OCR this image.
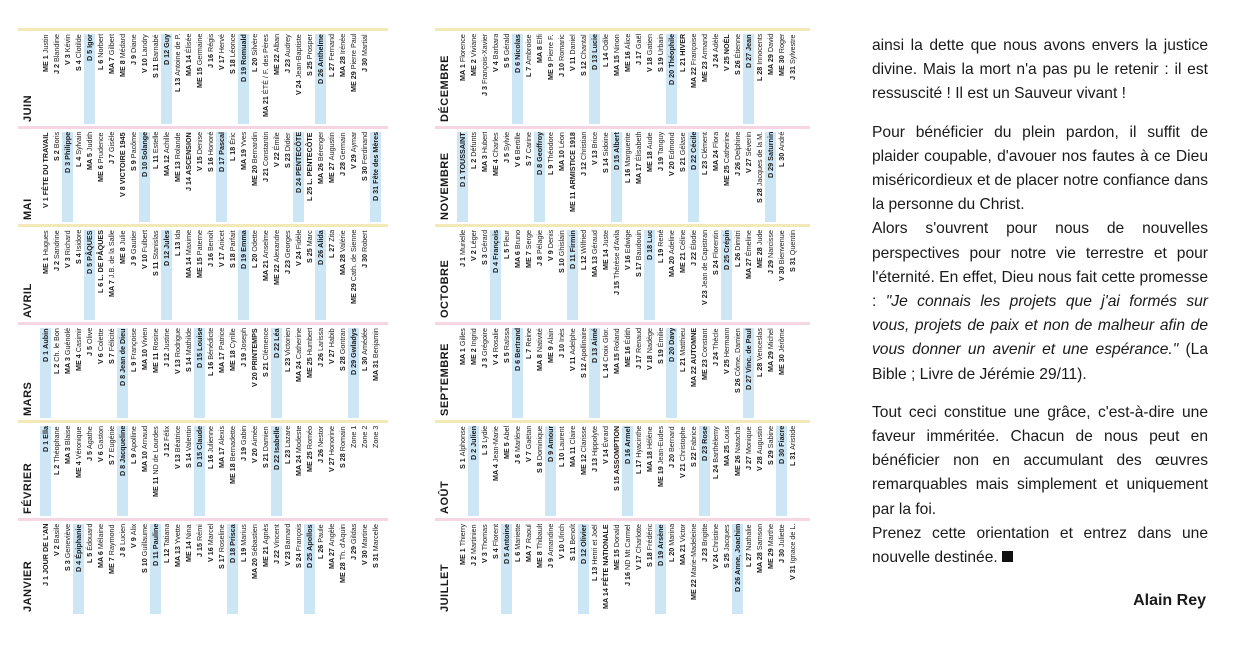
JUIN
ME 1 Justin
J 2 Blandine V 3 Kévin
S 4 Clotilde D 5 Igor
L 6 Norbert
MA 7 Gilbert
ME 8 Médard
J 9 Diane
V 10 Landry
S 11 Barnabé D 12 Guy
L 13 Antoine de P. MA 14 Élisée
ME 15 Germaine J 16 Régis
V 17 Hervé
S 18 Léonce
D 19 Romuald L 20 Silvère
MA 21 ÉTÉ / F. des Pères ME 22 Alban
J 23 Audrey
V 24 Jean-Baptiste S 25 Prosper
D 26 Anthelme
L 27 Fernand
MA 28 Irénée
ME 29 Pierre Paul J 30 Martial
MAI V 1 FÊTE DU TRAVAIL S 2 Boris
D 3 Philippe
L 4 Sylvain
MA 5 Judith
ME 6 Prudence J 7 Gisèle
V 8 VICTOIRE 1945 S 9 Pacôme
D 10 Solange
L 11 Estelle
MA 12 Achille
ME 13 Rolande
J 14 ASCENSION V 15 Denise
S 16 Honoré
D 17 Pascal L 18 Éric
MA 19 Yves
ME 20 Bernardin
J 21 Constantin V 22 Émile
S 23 Didier
D 24 PENTECÔTE
L 25 L. PENTECÔTE MA 26 Bérenger
ME 27 Augustin
J 28 Germain
V 29 Aymar
S 30 Ferdinand
D 31 Fête des Mères
AVRIL
ME 1 Hugues
J 2 Sandrine
V 3 Richard
S 4 Isidore
D 5 PÂQUES
L 6 L. DE PÂQUES
MA 7 J.B. de la Salle ME 8 Julie
J 9 Gautier
V 10 Fulbert
S 11 Stanislas D 12 Jules L 13 Ida
MA 14 Maxime
ME 15 Paterne
J 16 Benoît
V 17 Anicet
S 18 Parfait
D 19 Emma
L 20 Odette
MA 21 Anselme
ME 22 Alexandre
J 23 Georges
V 24 Fidèle
S 25 Marc
D 26 Alida
L 27 Zita
MA 28 Valérie
ME 29 Cath. de Sienne J 30 Robert
MARS
D 1 Aubin
L 2 Ch. le Bon
MA 3 Guénolé
ME 4 Casimir J 5 Olive
V 6 Colette
S 7 Félicité
D 8 Jean de Dieu L 9 Françoise MA 10 Vivien
ME 11 Rosine
J 12 Justine
V 13 Rodrigue
S 14 Mathilde
D 15 Louise
L 16 Bénédicte
MA 17 Patrice
ME 18 Cyrille
J 19 Joseph
V 20 PRINTEMPS S 21 Clémence D 22 Léa
L 23 Victorien
MA 24 Catherine
ME 25 Humbert
J 26 Larissa
V 27 Habib
S 28 Gontran
D 29 Gwladys
L 30 Amédée
MA 31 Benjamin
FÉVRIER
D 1 Ella
L 2 Théophane MA 3 Blaise
ME 4 Véronique J 5 Agathe
V 6 Gaston
S 7 Eugénie
D 8 Jacqueline L 9 Apolline
MA 10 Arnaud
ME 11 ND de Lourdes J 12 Félix
V 13 Béatrice
S 14 Valentin
D 15 Claude
L 16 Julienne
MA 17 Alexis
ME 18 Bernadette J 19 Gabin
V 20 Aimée
S 21 Damien
D 22 Isabelle
L 23 Lazare
MA 24 Modeste
ME 25 Roméo
J 26 Nestor
V 27 Honorine
S 28 Romain Zone 1 Zone 2 Zone 3
JANVIER J 1 JOUR DE L'AN V 2 Basile
S 3 Geneviève
D 4 Épiphanie L 5 Édouard
MA 6 Mélaine
ME 7 Raymond J 8 Lucien V 9 Alix
S 10 Guillaume
D 11 Pauline
L 12 Tatiana
MA 13 Yvette
ME 14 Nina
J 15 Rémi
V 16 Marcel
S 17 Roseline
D 18 Prisca
L 19 Marius
MA 20 Sébastien ME 21 Agnès
J 22 Vincent
V 23 Barnard
S 24 François
D 25 Apollos
L 26 Paule
MA 27 Angèle
ME 28 Th. d'Aquin J 29 Gildas
V 30 Martine
S 31 Marcelle
DÉCEMBRE MA 1 Florence
ME 2 Viviane
J 3 François-Xavier V 4 Barbara
S 5 Gérald
D 6 Nicolas
L 7 Ambroise MA 8 Elfi
ME 9 Pierre F.
J 10 Romaric
V 11 Daniel
S 12 Chantal
D 13 Lucie
L 14 Odile
MA 15 Ninon
ME 16 Alice
J 17 Gaël
V 18 Gatien
S 19 Urbain
D 20 Théophile L 21 HIVER
MA 22 Françoise
ME 23 Armand
J 24 Adèle
V 25 NOËL
S 26 Étienne
D 27 Jean
L 28 Innocents MA 29 David
ME 30 Roger
J 31 Sylvestre
NOVEMBRE D 1 TOUSSAINT L 2 Défunts
MA 3 Hubert
ME 4 Charles
J 5 Sylvie
V 6 Bertille
S 7 Carine
D 8 Geoffroy
L 9 Théodore MA 10 Léon
ME 11 ARMISTICE 1918 J 12 Christian V 13 Brice
S 14 Sidoine
D 15 Albert
L 16 Marguerite
MA 17 Élisabeth ME 18 Aude
J 19 Tanguy
V 20 Edmond
S 21 Gélase
D 22 Cécile
L 23 Clément
MA 24 Flora
ME 25 Catherine
J 26 Delphine
V 27 Séverin
S 28 Jacques de la M. D 29 Saturnin L 30 André
OCTOBRE J 1 Murielle V 2 Léger
S 3 Gérard
D 4 François L 5 Fleur
MA 6 Bruno
ME 7 Serge
J 8 Pélagie
V 9 Denis
S 10 Ghislain
D 11 Firmin
L 12 Wilfried
MA 13 Géraud
ME 14 Juste
J 15 Thérèse d'Avila V 16 Edwige
S 17 Baudouin D 18 Luc
L 19 René
MA 20 Adeline
ME 21 Céline
J 22 Élodie
V 23 Jean de Capistran S 24 Florentin
D 25 Crépin
L 26 Dimitri
MA 27 Émeline
ME 28 Jude
J 29 Narcisse
V 30 Bienvenue S 31 Quentin
SEPTEMBRE MA 1 Gilles
ME 2 Ingrid
J 3 Grégoire
V 4 Rosalie
S 5 Raïssa
D 6 Bertrand L 7 Reine
MA 8 Nativité
ME 9 Alain
J 10 Inès
V 11 Adelphe
S 12 Apollinaire D 13 Aimé
L 14 Croix Glor.
MA 15 Roland
ME 16 Édith
J 17 Renaud
V 18 Nadège
S 19 Émilie
D 20 Davy
L 21 Matthieu
MA 22 AUTOMNE
ME 23 Constant
J 24 Thècle
V 25 Hermann
S 26 Côme, Damien
D 27 Vinc. de Paul L 28 Venceslas MA 29 Michel
ME 30 Jérôme
AOÛT
S 1 Alphonse D 2 Julien
L 3 Lydie
MA 4 Jean-Marie ME 5 Abel
J 6 Marlène
V 7 Gaëtan
S 8 Dominique D 9 Amour
L 10 Laurent
MA 11 Claire
ME 12 Clarisse
J 13 Hippolyte V 14 Évrard
S 15 ASSOMPTION D 16 Armel
L 17 Hyacinthe
MA 18 Hélène
ME 19 Jean-Eudes J 20 Bernard
V 21 Christophe S 22 Fabrice
D 23 Rose
L 24 Barthélemy MA 25 Louis
ME 26 Natacha
J 27 Monique
V 28 Augustin
S 29 Sabine
D 30 Fiacre
L 31 Aristide
JUILLET
ME 1 Thierry
J 2 Martinien
V 3 Thomas
S 4 Florent
D 5 Antoine
L 6 Mariette
MA 7 Raoul
ME 8 Thibault
J 9 Amandine V 10 Ulrich
S 11 Benoît
D 12 Olivier
L 13 Henri et Joël
MA 14 FÊTE NATIONALE ME 15 Donald
J 16 ND Mt Carmel V 17 Charlotte
S 18 Frédéric
D 19 Arsène
L 20 Marina
MA 21 Victor
ME 22 Marie-Madeleine J 23 Brigitte
V 24 Christine
S 25 Jacques
D 26 Anne, Joachim L 27 Nathalie
MA 28 Samson
ME 29 Marthe
J 30 Juliette
V 31 Ignace de L.

ainsi la dette que nous avons envers la justice divine. Mais la mort n'a pas pu le retenir : il est ressuscité ! Il est un Sauveur vivant !

Pour bénéficier du plein pardon, il suffit de plaider coupable, d'avouer nos fautes à ce Dieu miséricordieux et de placer notre confiance dans la personne du Christ.

Alors s'ouvrent pour nous de nouvelles perspectives pour notre vie terrestre et pour l'éternité. En effet, Dieu nous fait cette promesse : "Je connais les projets que j'ai formés sur vous, projets de paix et non de malheur afin de vous donner un avenir et une espérance." (La Bible ; Livre de Jérémie 29/11).

Tout ceci constitue une grâce, c'est-à-dire une faveur imméritée. Chacun de nous peut en bénéficier non en accumulant des œuvres remarquables mais simplement et uniquement par la foi.

Prenez cette orientation et entrez dans une nouvelle destinée.

Alain Rey
